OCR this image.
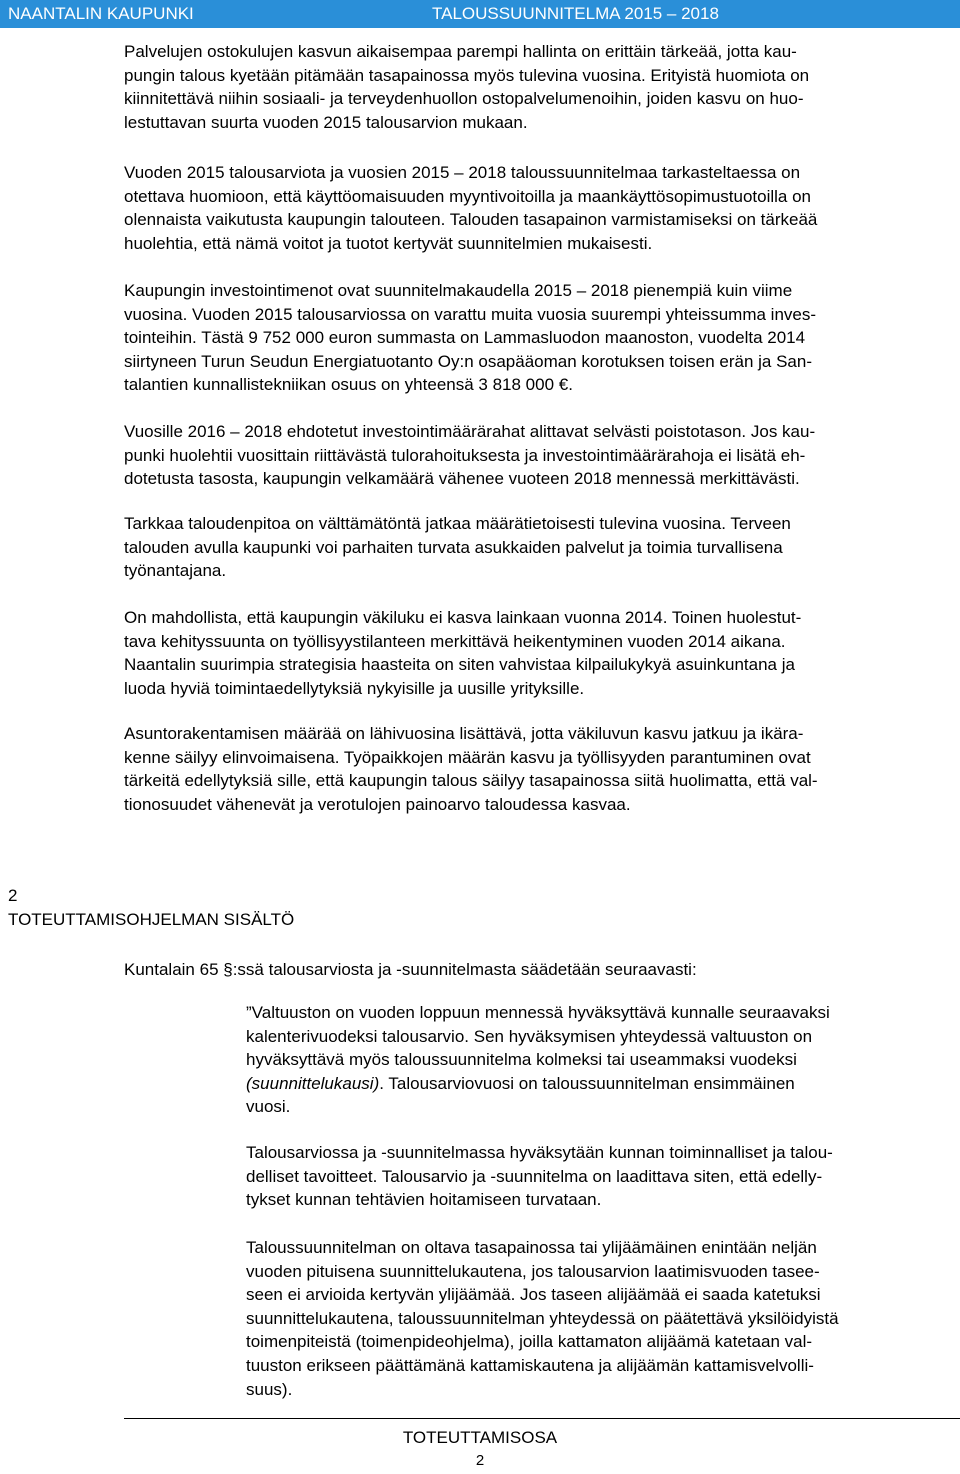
NAANTALIN KAUPUNKI	TALOUSSUUNNITELMA 2015 – 2018

Palvelujen ostokulujen kasvun aikaisempaa parempi hallinta on erittäin tärkeää, jotta kau-
pungin talous kyetään pitämään tasapainossa myös tulevina vuosina. Erityistä huomiota on
kiinnitettävä niihin sosiaali- ja terveydenhuollon ostopalvelumenoihin, joiden kasvu on huo-
lestuttavan suurta vuoden 2015 talousarvion mukaan.

Vuoden 2015 talousarviota ja vuosien 2015 – 2018 taloussuunnitelmaa tarkasteltaessa on
otettava huomioon, että käyttöomaisuuden myyntivoitoilla ja maankäyttösopimustuotoilla on
olennaista vaikutusta kaupungin talouteen. Talouden tasapainon varmistamiseksi on tärkeää
huolehtia, että nämä voitot ja tuotot kertyvät suunnitelmien mukaisesti.

Kaupungin investointimenot ovat suunnitelmakaudella 2015 – 2018 pienempiä kuin viime
vuosina. Vuoden 2015 talousarviossa on varattu muita vuosia suurempi yhteissumma inves-
tointeihin. Tästä 9 752 000 euron summasta on Lammasluodon maanoston, vuodelta 2014
siirtyneen Turun Seudun Energiatuotanto Oy:n osapääoman korotuksen toisen erän ja San-
talantien kunnallistekniikan osuus on yhteensä 3 818 000 €.

Vuosille 2016 – 2018 ehdotetut investointimäärärahat alittavat selvästi poistotason. Jos kau-
punki huolehtii vuosittain riittävästä tulorahoituksesta ja investointimäärärahoja ei lisätä eh-
dotetusta tasosta, kaupungin velkamäärä vähenee vuoteen 2018 mennessä merkittävästi.

Tarkkaa taloudenpitoa on välttämätöntä jatkaa määrätietoisesti tulevina vuosina. Terveen
talouden avulla kaupunki voi parhaiten turvata asukkaiden palvelut ja toimia turvallisena
työnantajana.

On mahdollista, että kaupungin väkiluku ei kasva lainkaan vuonna 2014. Toinen huolestut-
tava kehityssuunta on työllisyystilanteen merkittävä heikentyminen vuoden 2014 aikana.
Naantalin suurimpia strategisia haasteita on siten vahvistaa kilpailukykyä asuinkuntana ja
luoda hyviä toimintaedellytyksiä nykyisille ja uusille yrityksille.

Asuntorakentamisen määrää on lähivuosina lisättävä, jotta väkiluvun kasvu jatkuu ja ikära-
kenne säilyy elinvoimaisena. Työpaikkojen määrän kasvu ja työllisyyden parantuminen ovat
tärkeitä edellytyksiä sille, että kaupungin talous säilyy tasapainossa siitä huolimatta, että val-
tionosuudet vähenevät ja verotulojen painoarvo taloudessa kasvaa.

2

TOTEUTTAMISOHJELMAN SISÄLTÖ

Kuntalain 65 §:ssä talousarviosta ja -suunnitelmasta säädetään seuraavasti:

”Valtuuston on vuoden loppuun mennessä hyväksyttävä kunnalle seuraavaksi
kalenterivuodeksi talousarvio. Sen hyväksymisen yhteydessä valtuuston on
hyväksyttävä myös taloussuunnitelma kolmeksi tai useammaksi vuodeksi
(suunnittelukausi). Talousarviovuosi on taloussuunnitelman ensimmäinen
vuosi.

Talousarviossa ja -suunnitelmassa hyväksytään kunnan toiminnalliset ja talou-
delliset tavoitteet. Talousarvio ja -suunnitelma on laadittava siten, että edelly-
tykset kunnan tehtävien hoitamiseen turvataan.

Taloussuunnitelman on oltava tasapainossa tai ylijäämäinen enintään neljän
vuoden pituisena suunnittelukautena, jos talousarvion laatimisvuoden tasee-
seen ei arvioida kertyvän ylijäämää. Jos taseen alijäämää ei saada katetuksi
suunnittelukautena, taloussuunnitelman yhteydessä on päätettävä yksilöidyistä
toimenpiteistä (toimenpideohjelma), joilla kattamaton alijäämä katetaan val-
tuuston erikseen päättämänä kattamiskautena ja alijäämän kattamisvelvolli-
suus).

TOTEUTTAMISOSA
2
